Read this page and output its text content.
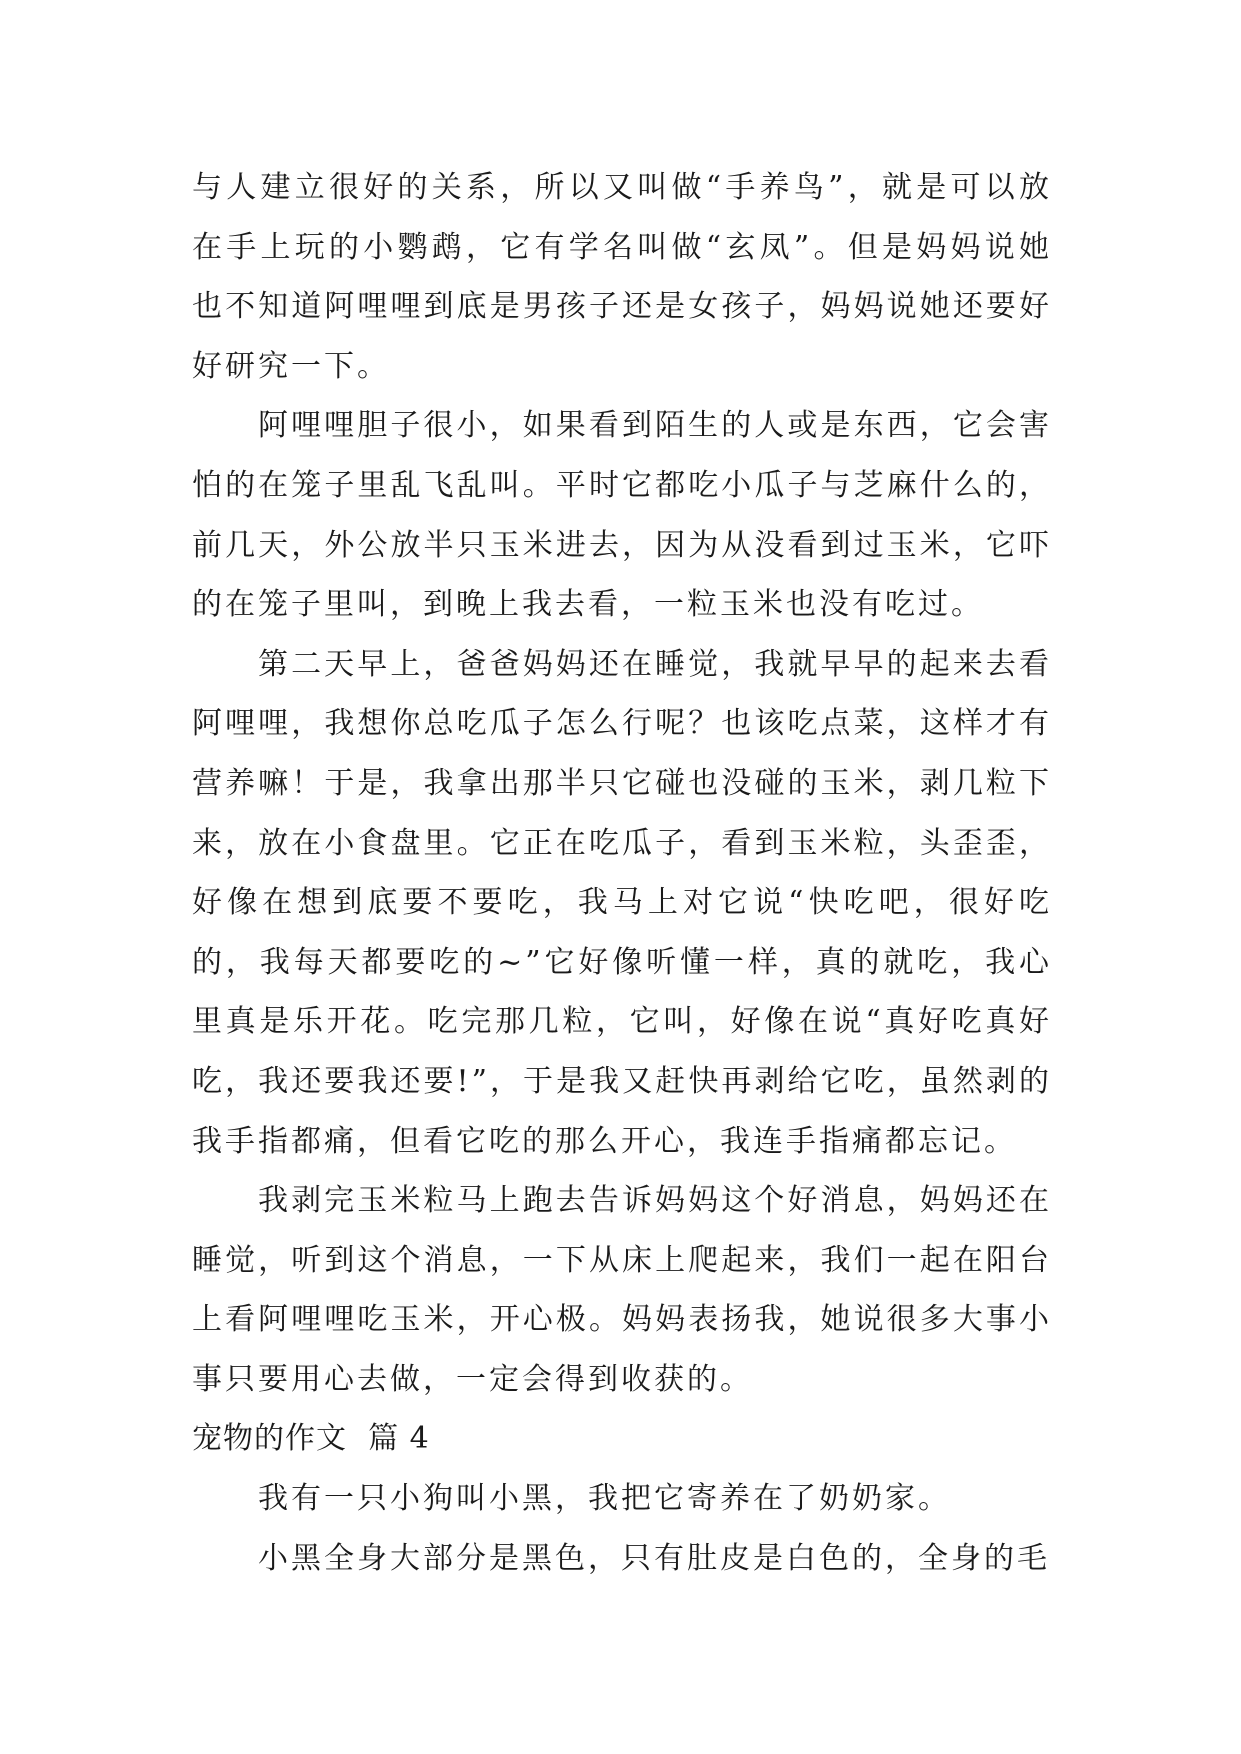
与人建立很好的关系，所以又叫做“手养鸟”，就是可以放在手上玩的小鹦鹉，它有学名叫做“玄凤”。但是妈妈说她也不知道阿哩哩到底是男孩子还是女孩子，妈妈说她还要好好研究一下。

阿哩哩胆子很小，如果看到陌生的人或是东西，它会害怕的在笼子里乱飞乱叫。平时它都吃小瓜子与芝麻什么的，前几天，外公放半只玉米进去，因为从没看到过玉米，它吓的在笼子里叫，到晚上我去看，一粒玉米也没有吃过。

第二天早上，爸爸妈妈还在睡觉，我就早早的起来去看阿哩哩，我想你总吃瓜子怎么行呢？也该吃点菜，这样才有营养嘛！于是，我拿出那半只它碰也没碰的玉米，剥几粒下来，放在小食盘里。它正在吃瓜子，看到玉米粒，头歪歪，好像在想到底要不要吃，我马上对它说“快吃吧，很好吃的，我每天都要吃的~”它好像听懂一样，真的就吃，我心里真是乐开花。吃完那几粒，它叫，好像在说“真好吃真好吃，我还要我还要!”，于是我又赶快再剥给它吃，虽然剥的我手指都痛，但看它吃的那么开心，我连手指痛都忘记。

我剥完玉米粒马上跑去告诉妈妈这个好消息，妈妈还在睡觉，听到这个消息，一下从床上爬起来，我们一起在阳台上看阿哩哩吃玉米，开心极。妈妈表扬我，她说很多大事小事只要用心去做，一定会得到收获的。

宠物的作文  篇 4

我有一只小狗叫小黑，我把它寄养在了奶奶家。

小黑全身大部分是黑色，只有肚皮是白色的，全身的毛
